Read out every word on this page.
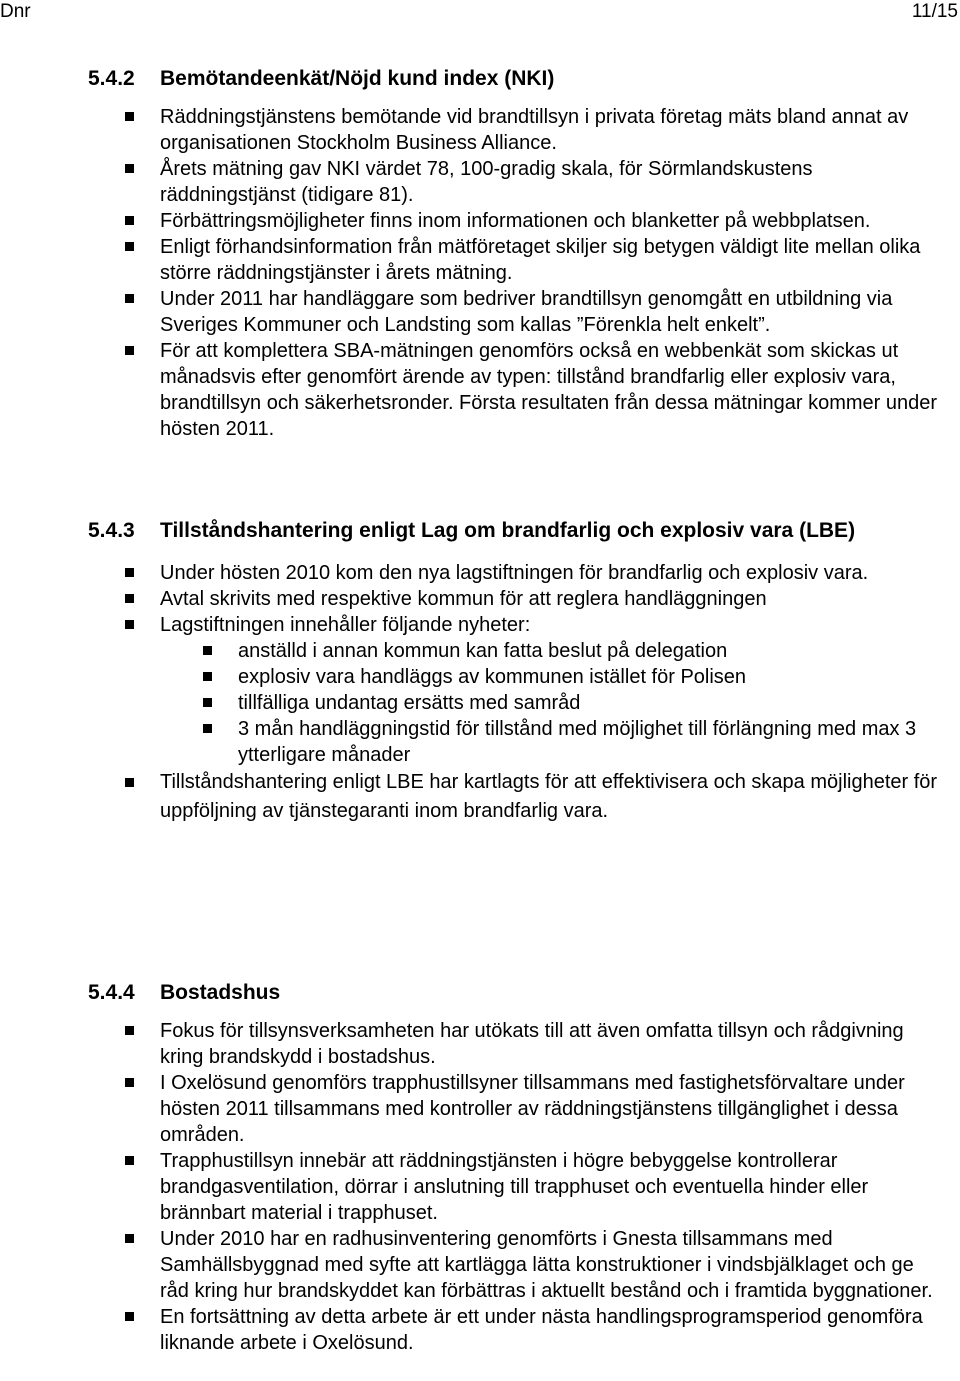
Dnr	11/15
5.4.2	Bemötandeenkät/Nöjd kund index (NKI)
Räddningstjänstens bemötande vid brandtillsyn i privata företag mäts bland annat av organisationen Stockholm Business Alliance.
Årets mätning gav NKI värdet 78, 100-gradig skala, för Sörmlandskustens räddningstjänst (tidigare 81).
Förbättringsmöjligheter finns inom informationen och blanketter på webbplatsen.
Enligt förhandsinformation från mätföretaget skiljer sig betygen väldigt lite mellan olika större räddningstjänster i årets mätning.
Under 2011 har handläggare som bedriver brandtillsyn genomgått en utbildning via Sveriges Kommuner och Landsting som kallas ”Förenkla helt enkelt”.
För att komplettera SBA-mätningen genomförs också en webbenkät som skickas ut månadsvis efter genomfört ärende av typen: tillstånd brandfarlig eller explosiv vara, brandtillsyn och säkerhetsronder. Första resultaten från dessa mätningar kommer under hösten 2011.
5.4.3	Tillståndshantering enligt Lag om brandfarlig och explosiv vara (LBE)
Under hösten 2010 kom den nya lagstiftningen för brandfarlig och explosiv vara.
Avtal skrivits med respektive kommun för att reglera handläggningen
Lagstiftningen innehåller följande nyheter:
anställd i annan kommun kan fatta beslut på delegation
explosiv vara handläggs av kommunen istället för Polisen
tillfälliga undantag ersätts med samråd
3 mån handläggningstid för tillstånd med möjlighet till förlängning med max 3 ytterligare månader
Tillståndshantering enligt LBE har kartlagts för att effektivisera och skapa möjligheter för uppföljning av tjänstegaranti inom brandfarlig vara.
5.4.4	Bostadshus
Fokus för tillsynsverksamheten har utökats till att även omfatta tillsyn och rådgivning kring brandskydd i bostadshus.
I Oxelösund genomförs trapphustillsyner tillsammans med fastighetsförvaltare under hösten 2011 tillsammans med kontroller av räddningstjänstens tillgänglighet i dessa områden.
Trapphustillsyn innebär att räddningstjänsten i högre bebyggelse kontrollerar brandgasventilation, dörrar i anslutning till trapphuset och eventuella hinder eller brännbart material i trapphuset.
Under 2010 har en radhusinventering genomförts i Gnesta tillsammans med Samhällsbyggnad med syfte att kartlägga lätta konstruktioner i vindsbjälklaget och ge råd kring hur brandskyddet kan förbättras i aktuellt bestånd och i framtida byggnationer.
En fortsättning av detta arbete är ett under nästa handlingsprogramsperiod genomföra liknande arbete i Oxelösund.
